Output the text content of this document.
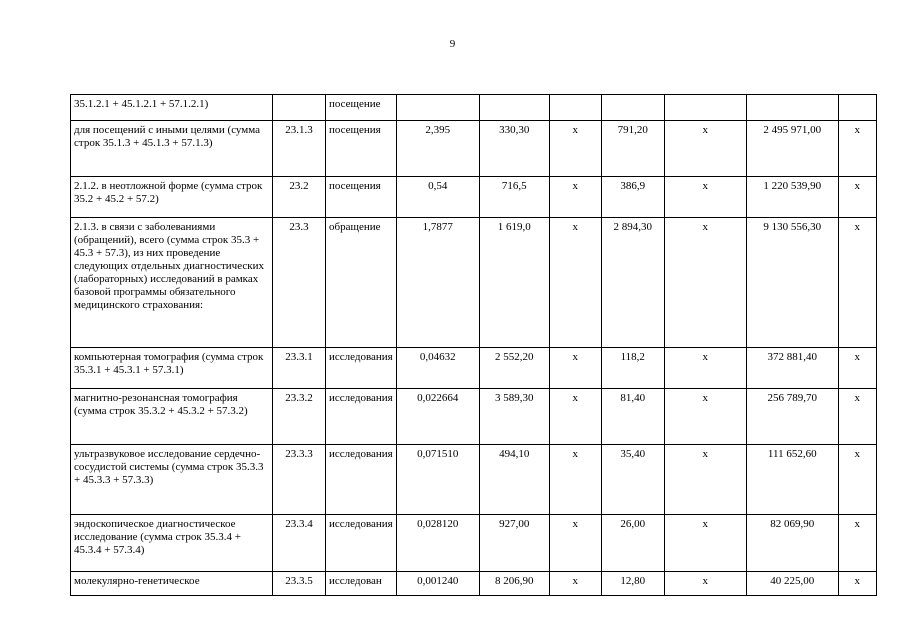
9
35.1.2.1 + 45.1.2.1 + 57.1.2.1)		посещение							
для посещений с иными целями (сумма строк 35.1.3 + 45.1.3 + 57.1.3)	23.1.3	посещения	2,395	330,30	х	791,20	х	2 495 971,00	х
2.1.2. в неотложной форме (сумма строк 35.2 + 45.2 + 57.2)	23.2	посещения	0,54	716,5	х	386,9	х	1 220 539,90	х
2.1.3. в связи с заболеваниями (обращений), всего (сумма строк 35.3 + 45.3 + 57.3), из них проведение следующих отдельных диагностических (лабораторных) исследований в рамках базовой программы обязательного медицинского страхования:	23.3	обращение	1,7877	1 619,0	х	2 894,30	х	9 130 556,30	х
компьютерная томография (сумма строк 35.3.1 + 45.3.1 + 57.3.1)	23.3.1	исследования	0,04632	2 552,20	х	118,2	х	372 881,40	х
магнитно-резонансная томография (сумма строк 35.3.2 + 45.3.2 + 57.3.2)	23.3.2	исследования	0,022664	3 589,30	х	81,40	х	256 789,70	х
ультразвуковое исследование сердечно-сосудистой системы (сумма строк 35.3.3 + 45.3.3 + 57.3.3)	23.3.3	исследования	0,071510	494,10	х	35,40	х	111 652,60	х
эндоскопическое диагностическое исследование (сумма строк 35.3.4 + 45.3.4 + 57.3.4)	23.3.4	исследования	0,028120	927,00	х	26,00	х	82 069,90	х
молекулярно-генетическое	23.3.5	исследован	0,001240	8 206,90	х	12,80	х	40 225,00	х
